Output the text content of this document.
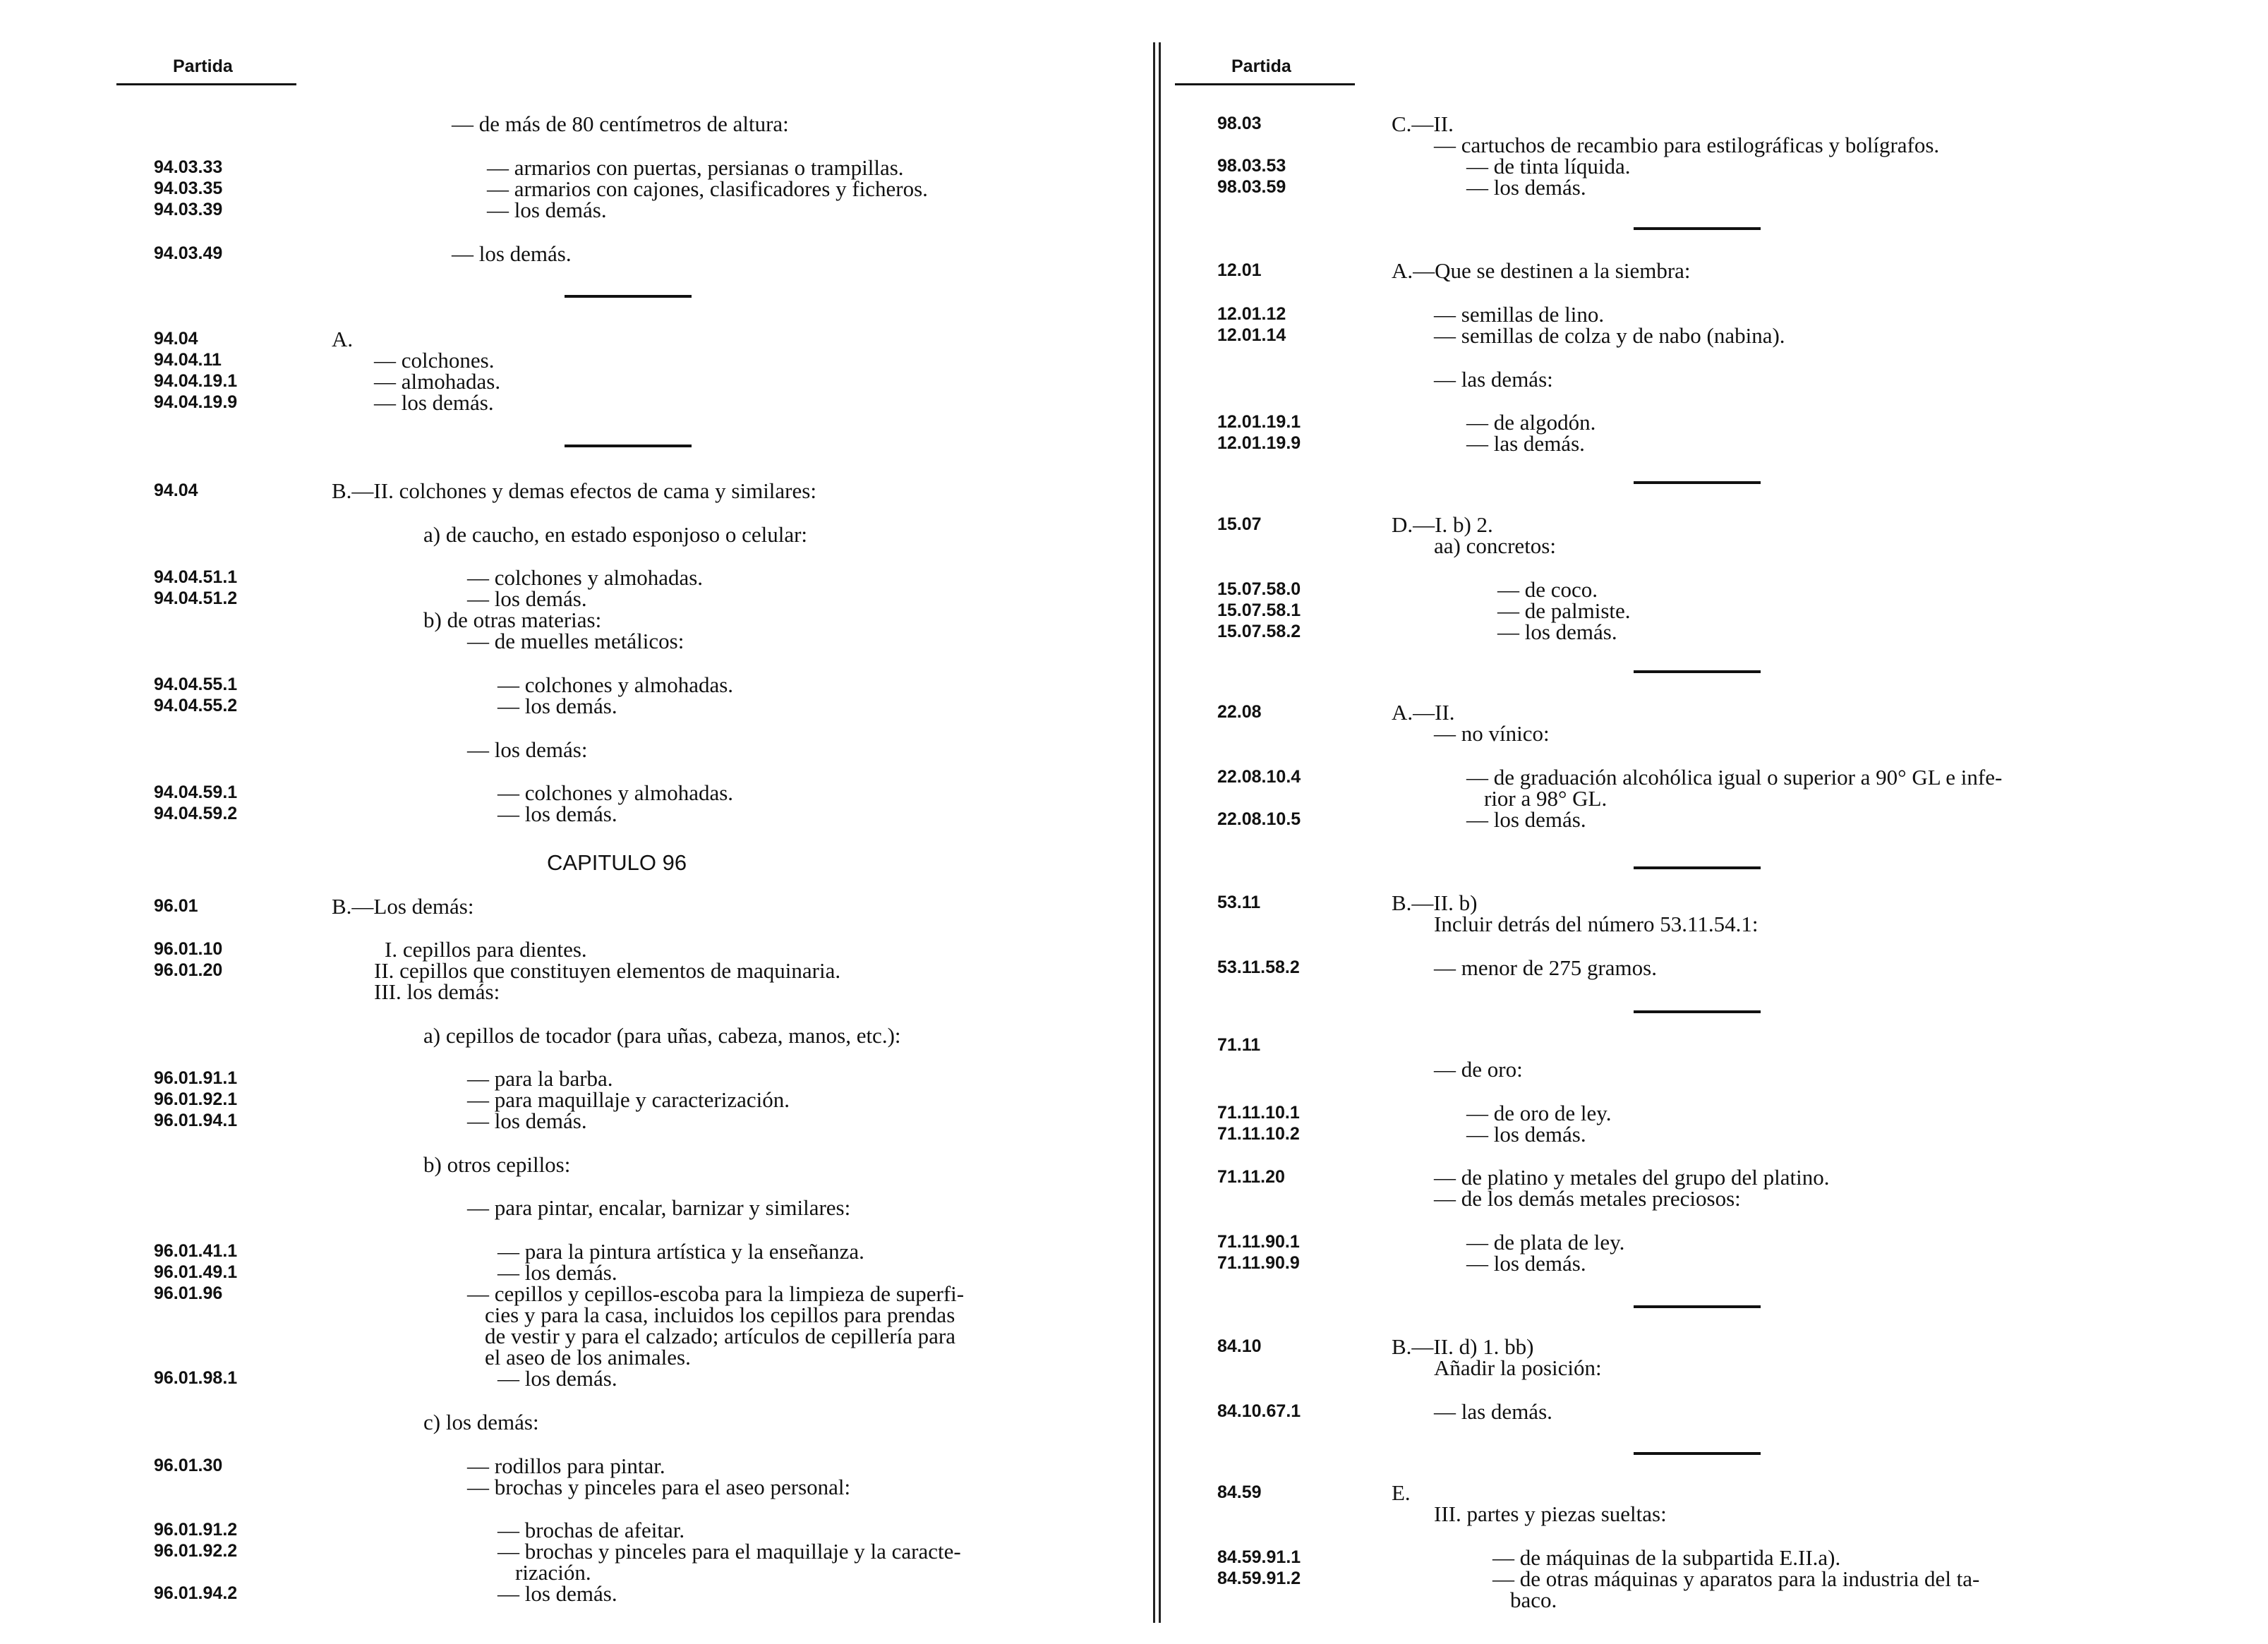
Partida
— de más de 80 centímetros de altura:
94.03.33	— armarios con puertas, persianas o trampillas.
94.03.35	— armarios con cajones, clasificadores y ficheros.
94.03.39	— los demás.
94.03.49	— los demás.
94.04	A.
94.04.11	— colchones.
94.04.19.1	— almohadas.
94.04.19.9	— los demás.
94.04	B.—II. colchones y demas efectos de cama y similares:
a) de caucho, en estado esponjoso o celular:
94.04.51.1	— colchones y almohadas.
94.04.51.2	— los demás.
b) de otras materias:
— de muelles metálicos:
94.04.55.1	— colchones y almohadas.
94.04.55.2	— los demás.
— los demás:
94.04.59.1	— colchones y almohadas.
94.04.59.2	— los demás.
96.01	B.—Los demás:
96.01.10	I. cepillos para dientes.
96.01.20	II. cepillos que constituyen elementos de maquinaria.
III. los demás:
a) cepillos de tocador (para uñas, cabeza, manos, etc.):
96.01.91.1	— para la barba.
96.01.92.1	— para maquillaje y caracterización.
96.01.94.1	— los demás.
b) otros cepillos:
— para pintar, encalar, barnizar y similares:
96.01.41.1	— para la pintura artística y la enseñanza.
96.01.49.1	— los demás.
96.01.96	— cepillos y cepillos-escoba para la limpieza de superfi-
cies y para la casa, incluidos los cepillos para prendas
de vestir y para el calzado; artículos de cepillería para
el aseo de los animales.
96.01.98.1	— los demás.
c) los demás:
96.01.30	— rodillos para pintar.
— brochas y pinceles para el aseo personal:
96.01.91.2	— brochas de afeitar.
96.01.92.2	— brochas y pinceles para el maquillaje y la caracte-
rización.
96.01.94.2	— los demás.
CAPITULO 96
Partida
98.03	C.—II.
— cartuchos de recambio para estilográficas y bolígrafos.
98.03.53	— de tinta líquida.
98.03.59	— los demás.
12.01	A.—Que se destinen a la siembra:
12.01.12	— semillas de lino.
12.01.14	— semillas de colza y de nabo (nabina).
— las demás:
12.01.19.1	— de algodón.
12.01.19.9	— las demás.
15.07	D.—I. b) 2.
aa) concretos:
15.07.58.0	— de coco.
15.07.58.1	— de palmiste.
15.07.58.2	— los demás.
22.08	A.—II.
— no vínico:
22.08.10.4	— de graduación alcohólica igual o superior a 90° GL e infe-
rior a 98° GL.
22.08.10.5	— los demás.
53.11	B.—II. b)
Incluir detrás del número 53.11.54.1:
53.11.58.2	— menor de 275 gramos.
71.11
— de oro:
71.11.10.1	— de oro de ley.
71.11.10.2	— los demás.
71.11.20	— de platino y metales del grupo del platino.
— de los demás metales preciosos:
71.11.90.1	— de plata de ley.
71.11.90.9	— los demás.
84.10	B.—II. d) 1. bb)
Añadir la posición:
84.10.67.1	— las demás.
84.59	E.
III. partes y piezas sueltas:
84.59.91.1	— de máquinas de la subpartida E.II.a).
84.59.91.2	— de otras máquinas y aparatos para la industria del ta-
baco.
